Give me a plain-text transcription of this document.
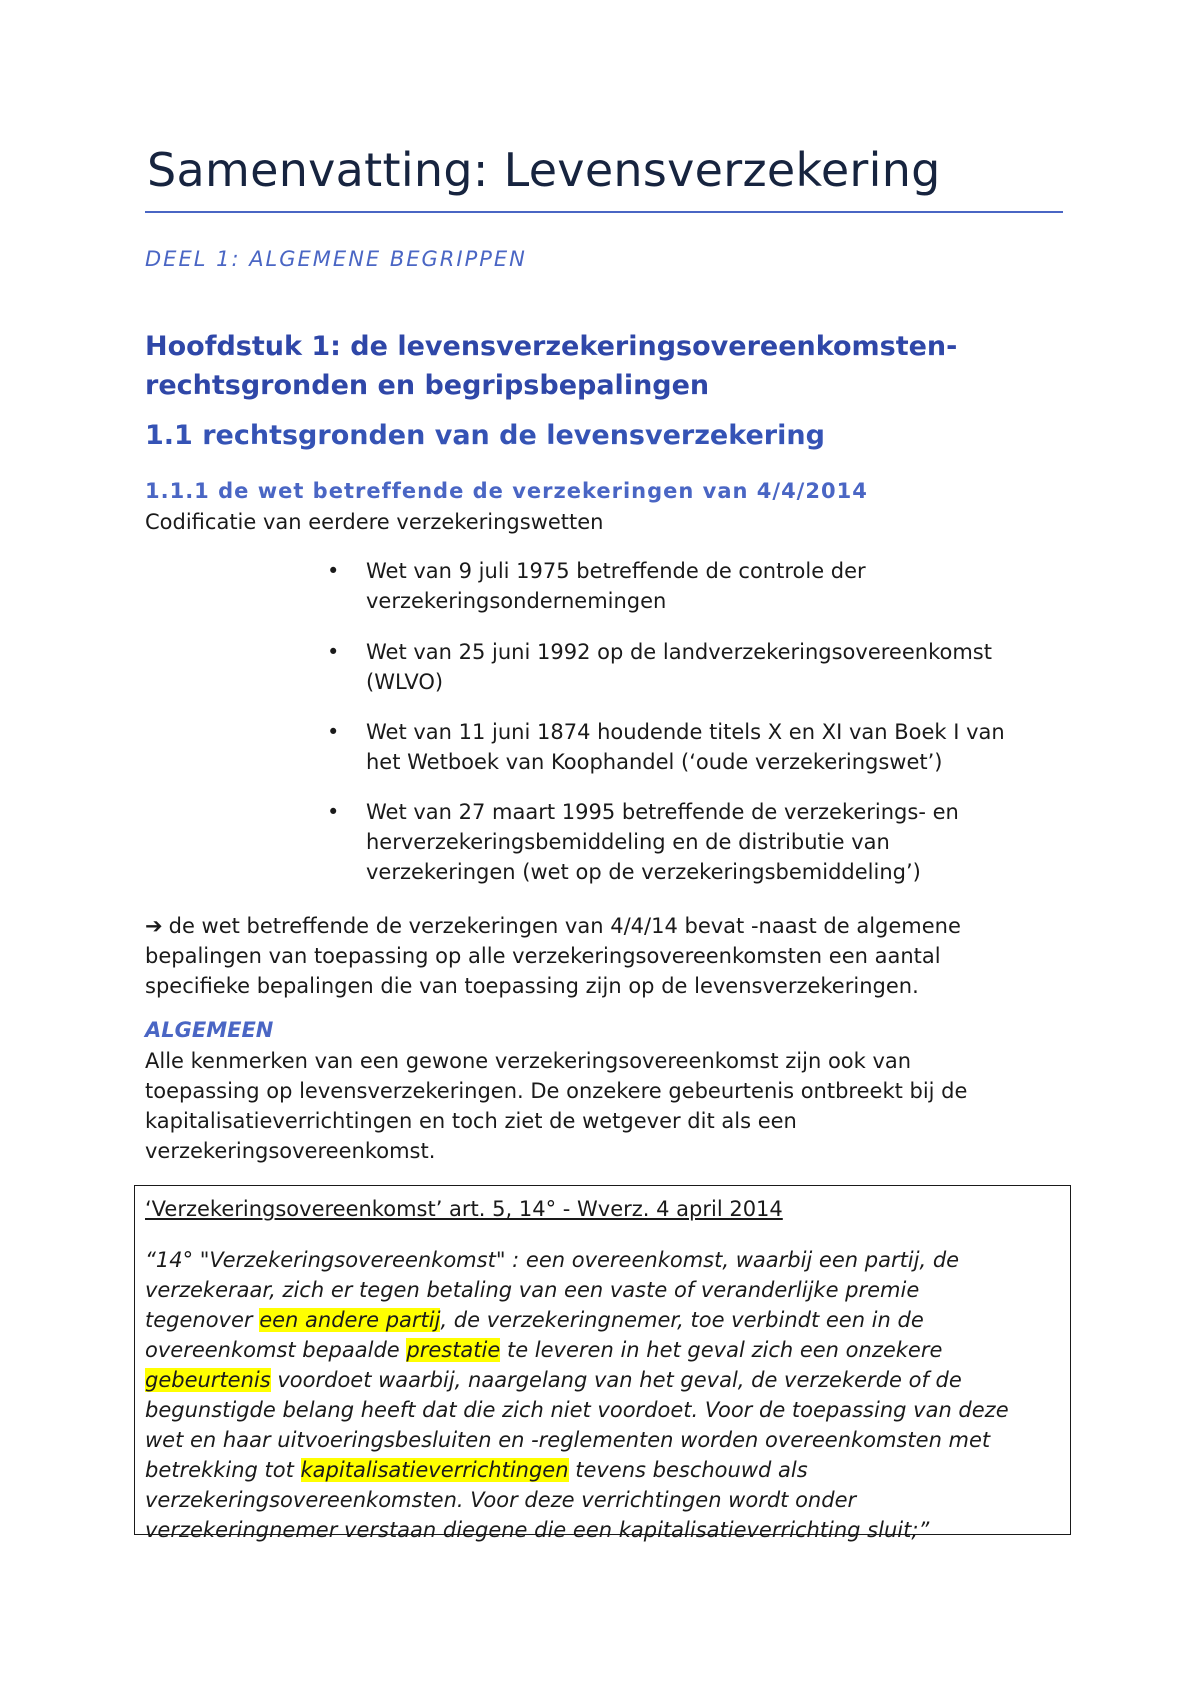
Samenvatting: Levensverzekering
DEEL 1: ALGEMENE BEGRIPPEN
Hoofdstuk 1: de levensverzekeringsovereenkomsten-
rechtsgronden en begripsbepalingen
1.1 rechtsgronden van de levensverzekering
1.1.1 de wet betreffende de verzekeringen van 4/4/2014
Codificatie van eerdere verzekeringswetten
• Wet van 9 juli 1975 betreffende de controle der
verzekeringsondernemingen
• Wet van 25 juni 1992 op de landverzekeringsovereenkomst
(WLVO)
• Wet van 11 juni 1874 houdende titels X en XI van Boek I van
het Wetboek van Koophandel (‘oude verzekeringswet’)
• Wet van 27 maart 1995 betreffende de verzekerings- en
herverzekeringsbemiddeling en de distributie van
verzekeringen (wet op de verzekeringsbemiddeling’)
➔ de wet betreffende de verzekeringen van 4/4/14 bevat -naast de algemene
bepalingen van toepassing op alle verzekeringsovereenkomsten een aantal
specifieke bepalingen die van toepassing zijn op de levensverzekeringen.
ALGEMEEN
Alle kenmerken van een gewone verzekeringsovereenkomst zijn ook van
toepassing op levensverzekeringen. De onzekere gebeurtenis ontbreekt bij de
kapitalisatieverrichtingen en toch ziet de wetgever dit als een
verzekeringsovereenkomst.
‘Verzekeringsovereenkomst’ art. 5, 14° - Wverz. 4 april 2014
“14° "Verzekeringsovereenkomst" : een overeenkomst, waarbij een partij, de
verzekeraar, zich er tegen betaling van een vaste of veranderlijke premie
tegenover een andere partij, de verzekeringnemer, toe verbindt een in de
overeenkomst bepaalde prestatie te leveren in het geval zich een onzekere
gebeurtenis voordoet waarbij, naargelang van het geval, de verzekerde of de
begunstigde belang heeft dat die zich niet voordoet. Voor de toepassing van deze
wet en haar uitvoeringsbesluiten en -reglementen worden overeenkomsten met
betrekking tot kapitalisatieverrichtingen tevens beschouwd als
verzekeringsovereenkomsten. Voor deze verrichtingen wordt onder
verzekeringnemer verstaan diegene die een kapitalisatieverrichting sluit;”
